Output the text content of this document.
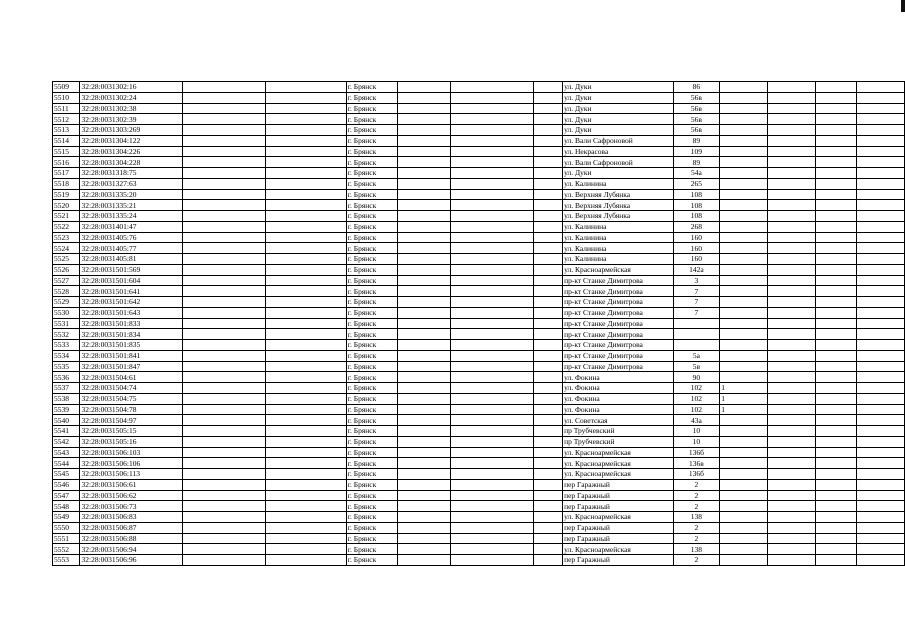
5509	32:28:0031302:16			г. Брянск				ул. Дуки	86				
5510	32:28:0031302:24			г. Брянск				ул. Дуки	56в				
5511	32:28:0031302:38			г. Брянск				ул. Дуки	56в				
5512	32:28:0031302:39			г. Брянск				ул. Дуки	56в				
5513	32:28:0031303:269			г. Брянск				ул. Дуки	56в				
5514	32:28:0031304:122			г. Брянск				ул. Вали Сафроновой	89				
5515	32:28:0031304:226			г. Брянск				ул. Некрасова	109				
5516	32:28:0031304:228			г. Брянск				ул. Вали Сафроновой	89				
5517	32:28:0031318:75			г. Брянск				ул. Дуки	54а				
5518	32:28:0031327:63			г. Брянск				ул. Калинина	265				
5519	32:28:0031335:20			г. Брянск				ул. Верхняя Лубянка	108				
5520	32:28:0031335:21			г. Брянск				ул. Верхняя Лубянка	108				
5521	32:28:0031335:24			г. Брянск				ул. Верхняя Лубянка	108				
5522	32:28:0031401:47			г. Брянск				ул. Калинина	268				
5523	32:28:0031405:76			г. Брянск				ул. Калинина	160				
5524	32:28:0031405:77			г. Брянск				ул. Калинина	160				
5525	32:28:0031405:81			г. Брянск				ул. Калинина	160				
5526	32:28:0031501:569			г. Брянск				ул. Красноармейская	142а				
5527	32:28:0031501:604			г. Брянск				пр-кт Станке Димитрова	3				
5528	32:28:0031501:641			г. Брянск				пр-кт Станке Димитрова	7				
5529	32:28:0031501:642			г. Брянск				пр-кт Станке Димитрова	7				
5530	32:28:0031501:643			г. Брянск				пр-кт Станке Димитрова	7				
5531	32:28:0031501:833			г. Брянск				пр-кт Станке Димитрова					
5532	32:28:0031501:834			г. Брянск				пр-кт Станке Димитрова					
5533	32:28:0031501:835			г. Брянск				пр-кт Станке Димитрова					
5534	32:28:0031501:841			г. Брянск				пр-кт Станке Димитрова	5а				
5535	32:28:0031501:847			г. Брянск				пр-кт Станке Димитрова	5в				
5536	32:28:0031504:61			г. Брянск				ул. Фокина	90				
5537	32:28:0031504:74			г. Брянск				ул. Фокина	102	1			
5538	32:28:0031504:75			г. Брянск				ул. Фокина	102	1			
5539	32:28:0031504:78			г. Брянск				ул. Фокина	102	1			
5540	32:28:0031504:97			г. Брянск				ул. Советская	43а				
5541	32:28:0031505:15			г. Брянск				пр Трубчевский	10				
5542	32:28:0031505:16			г. Брянск				пр Трубчевский	10				
5543	32:28:0031506:103			г. Брянск				ул. Красноармейская	136б				
5544	32:28:0031506:106			г. Брянск				ул. Красноармейская	136в				
5545	32:28:0031506:113			г. Брянск				ул. Красноармейская	136б				
5546	32:28:0031506:61			г. Брянск				пер Гаражный	2				
5547	32:28:0031506:62			г. Брянск				пер Гаражный	2				
5548	32:28:0031506:73			г. Брянск				пер Гаражный	2				
5549	32:28:0031506:83			г. Брянск				ул. Красноармейская	138				
5550	32:28:0031506:87			г. Брянск				пер Гаражный	2				
5551	32:28:0031506:88			г. Брянск				пер Гаражный	2				
5552	32:28:0031506:94			г. Брянск				ул. Красноармейская	138				
5553	32:28:0031506:96			г. Брянск				пер Гаражный	2				
